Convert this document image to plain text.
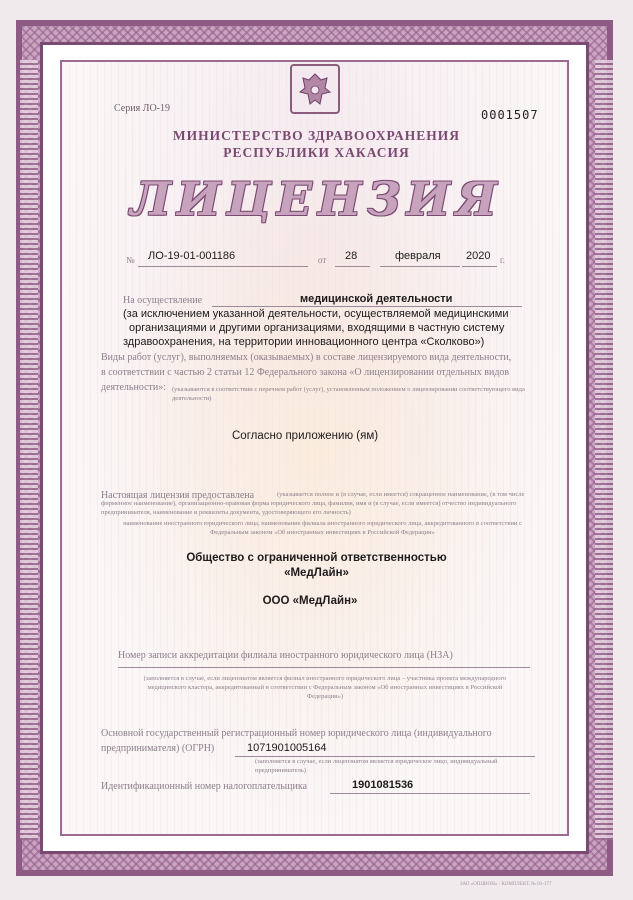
Серия ЛО-19	0001507
МИНИСТЕРСТВО ЗДРАВООХРАНЕНИЯ
РЕСПУБЛИКИ ХАКАСИЯ
ЛИЦЕНЗИЯ
№ ЛО-19-01-001186	от 28	февраля 2020 г.
На осуществление	медицинской деятельности
(за исключением указанной деятельности, осуществляемой медицинскими
организациями и другими организациями, входящими в частную систему
здравоохранения, на территории инновационного центра «Сколково»)
Виды работ (услуг), выполняемых (оказываемых) в составе лицензируемого вида деятельности,
в соответствии с частью 2 статьи 12 Федерального закона «О лицензировании отдельных видов
деятельности»: (указываются в соответствии с перечнем работ (услуг), установленным положением о лицензировании соответствующего вида деятельности)
Согласно приложению (ям)
Настоящая лицензия предоставлена	(указывается полное и (в случае, если имеется) сокращенное наименование, (в том числе фирменное наименование), организационно-правовая форма юридического лица, фамилия, имя и (в случае, если имеется) отчество индивидуального предпринимателя, наименование и реквизиты документа, удостоверяющего его личность)
наименование иностранного юридического лица, наименование филиала иностранного юридического лица, аккредитованного в соответствии с Федеральным законом «Об иностранных инвестициях в Российской Федерации»
Общество с ограниченной ответственностью
«МедЛайн»
ООО «МедЛайн»
Номер записи аккредитации филиала иностранного юридического лица (НЗА)
(заполняется в случае, если лицензиатом является филиал иностранного юридического лица – участника проекта международного медицинского кластера, аккредитованный в соответствии с Федеральным законом «Об иностранных инвестициях в Российской Федерации»)
Основной государственный регистрационный номер юридического лица (индивидуального
предпринимателя) (ОГРН)	1071901005164
(заполняется в случае, если лицензиатом является юридическое лицо, индивидуальный предприниматель)
Идентификационный номер налогоплательщика	1901081536
ЗАО «ОПЦИОН» - КОМПЛЕКТ. № 01-177
